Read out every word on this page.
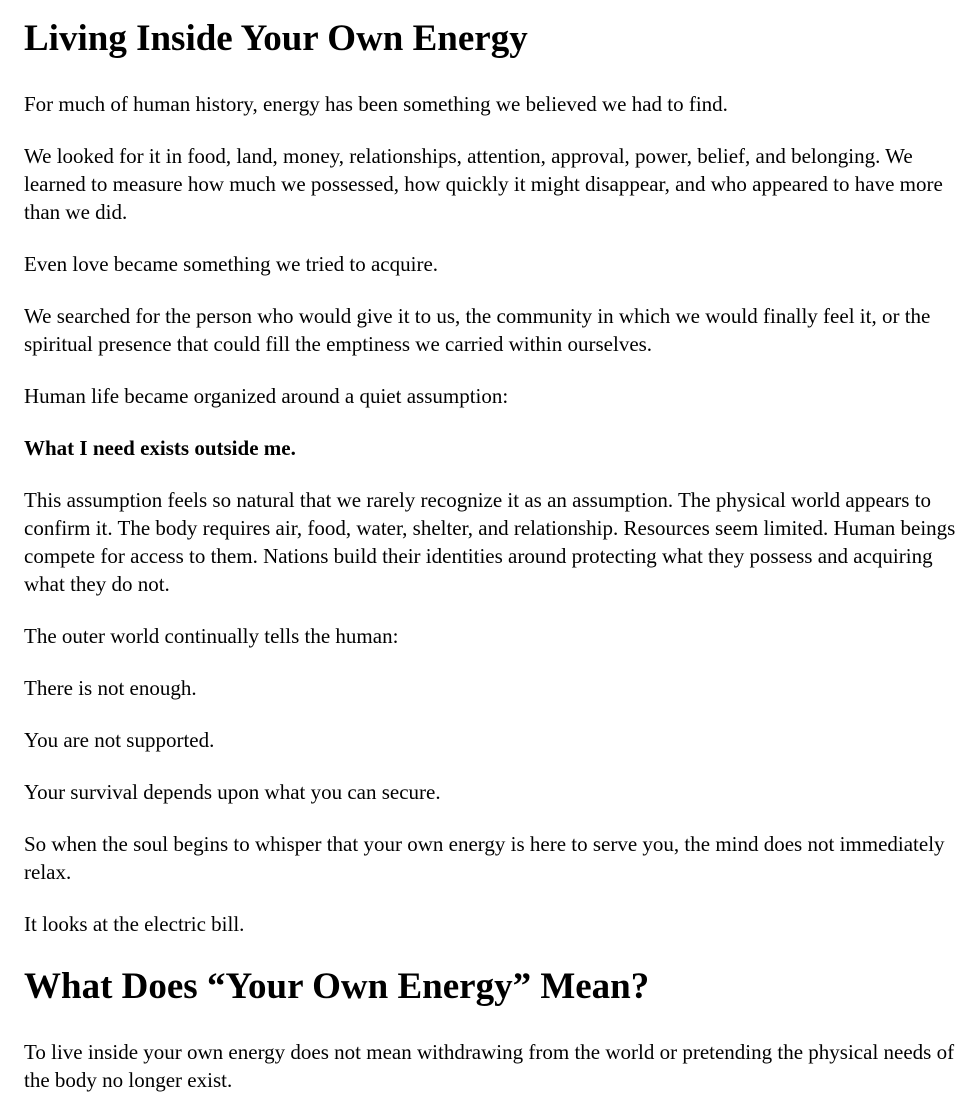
Living Inside Your Own Energy

For much of human history, energy has been something we believed we had to find.

We looked for it in food, land, money, relationships, attention, approval, power, belief, and belonging. We learned to measure how much we possessed, how quickly it might disappear, and who appeared to have more than we did.

Even love became something we tried to acquire.

We searched for the person who would give it to us, the community in which we would finally feel it, or the spiritual presence that could fill the emptiness we carried within ourselves.

Human life became organized around a quiet assumption:

What I need exists outside me.

This assumption feels so natural that we rarely recognize it as an assumption. The physical world appears to confirm it. The body requires air, food, water, shelter, and relationship. Resources seem limited. Human beings compete for access to them. Nations build their identities around protecting what they possess and acquiring what they do not.

The outer world continually tells the human:

There is not enough.

You are not supported.

Your survival depends upon what you can secure.

So when the soul begins to whisper that your own energy is here to serve you, the mind does not immediately relax.

It looks at the electric bill.

What Does “Your Own Energy” Mean?

To live inside your own energy does not mean withdrawing from the world or pretending the physical needs of the body no longer exist.
